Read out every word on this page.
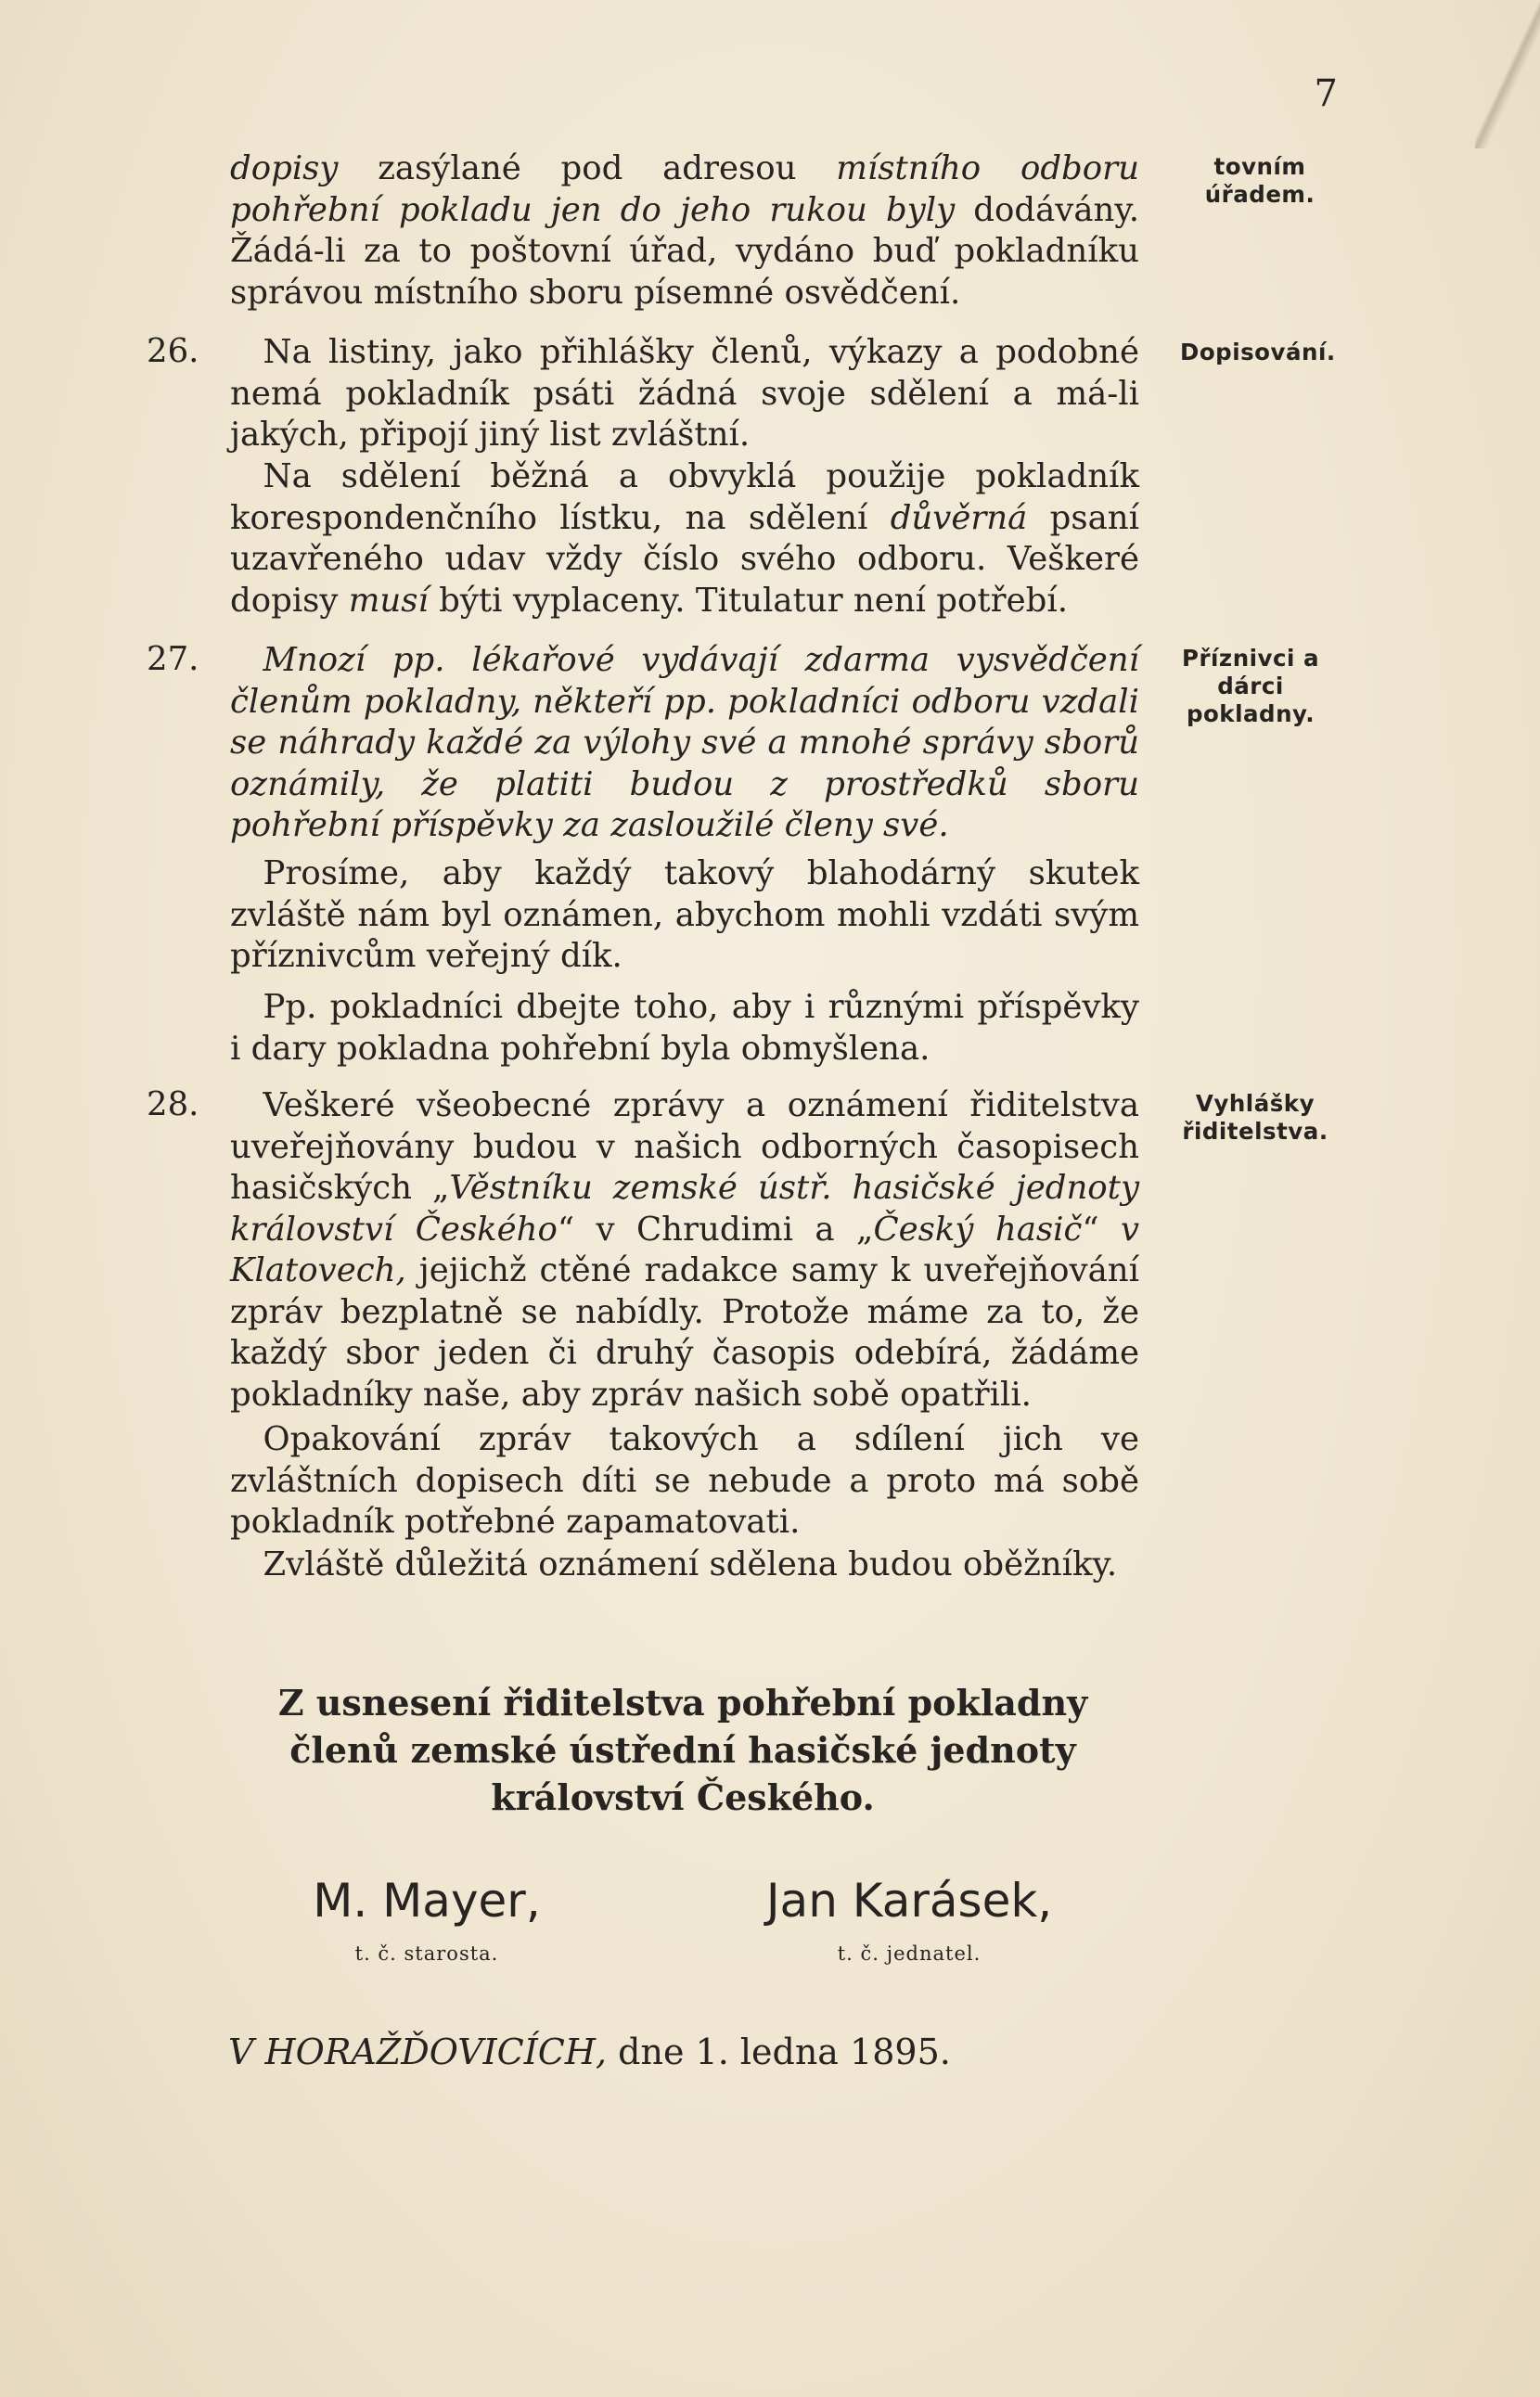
7
dopisy zasýlané pod adresou místního odboru pohřební pokladu jen do jeho rukou byly dodávány. Žádá-li za to poštovní úřad, vydáno buď pokladníku správou místního sboru písemné osvědčení.
26.  Na listiny, jako přihlášky členů, výkazy a podobné nemá pokladník psáti žádná svoje sdělení a má-li jakých, připojí jiný list zvláštní.
 Na sdělení běžná a obvyklá použije pokladník korespondenčního lístku, na sdělení důvěrná psaní uzavřeného udav vždy číslo svého odboru. Veškeré dopisy musí býti vyplaceny. Titulatur není potřebí.
27.  Mnozí pp. lékařové vydávají zdarma vysvědčení členům pokladny, někteří pp. pokladníci odboru vzdali se náhrady každé za výlohy své a mnohé správy sborů oznámily, že platiti budou z prostředků sboru pohřební příspěvky za zasloužilé členy své.
 Prosíme, aby každý takový blahodárný skutek zvláště nám byl oznámen, abychom mohli vzdáti svým příznivcům veřejný dík.
 Pp. pokladníci dbejte toho, aby i různými příspěvky i dary pokladna pohřební byla obmyšlena.
28.  Veškeré všeobecné zprávy a oznámení řiditelstva uveřejňovány budou v našich odborných časopisech hasičských „Věstníku zemské ústř. hasičské jednoty království Českého“ v Chrudimi a „Český hasič“ v Klatovech, jejichž ctěné radakce samy k uveřejňování zpráv bezplatně se nabídly. Protože máme za to, že každý sbor jeden či druhý časopis odebírá, žádáme pokladníky naše, aby zpráv našich sobě opatřili.
 Opakování zpráv takových a sdílení jich ve zvláštních dopisech díti se nebude a proto má sobě pokladník potřebné zapamatovati.
 Zvláště důležitá oznámení sdělena budou oběžníky.
tovním úřadem.
Dopisování.
Příznivci a dárci pokladny.
Vyhlášky řiditelstva.
Z usnesení řiditelstva pohřební pokladny
členů zemské ústřední hasičské jednoty
království Českého.
M. Mayer,
t. č. starosta.
Jan Karásek,
t. č. jednatel.
V HORAŽĎOVICÍCH, dne 1. ledna 1895.
